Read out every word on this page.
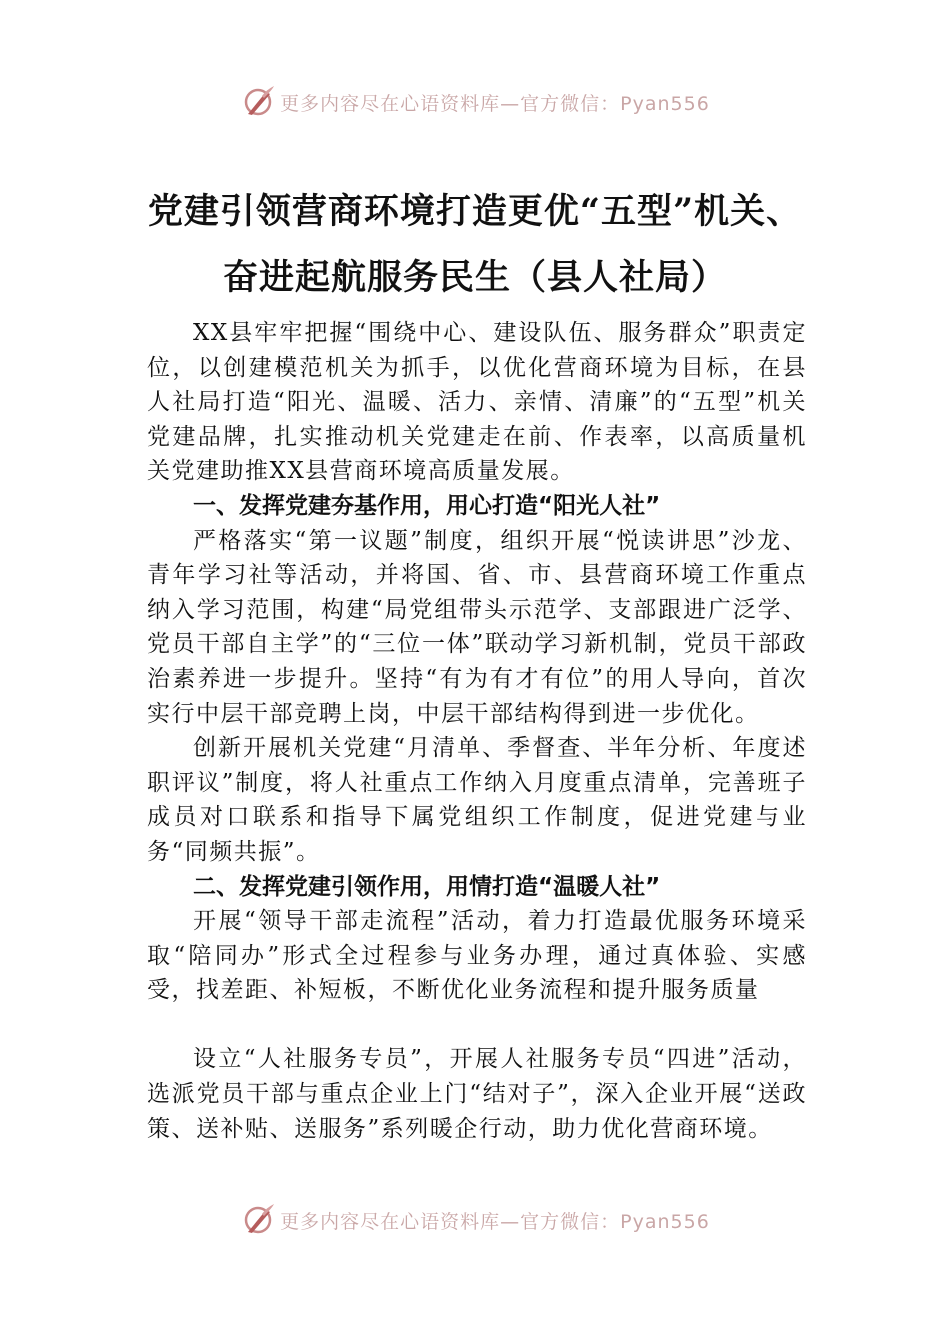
更多内容尽在心语资料库—官方微信：Pyan556
党建引领营商环境打造更优“五型”机关、
奋进起航服务民生（县人社局）

XX县牢牢把握“围绕中心、建设队伍、服务群众”职责定位，以创建模范机关为抓手，以优化营商环境为目标，在县人社局打造“阳光、温暖、活力、亲情、清廉”的“五型”机关党建品牌，扎实推动机关党建走在前、作表率，以高质量机关党建助推XX县营商环境高质量发展。

一、发挥党建夯基作用，用心打造“阳光人社”

严格落实“第一议题”制度，组织开展“悦读讲思”沙龙、青年学习社等活动，并将国、省、市、县营商环境工作重点纳入学习范围，构建“局党组带头示范学、支部跟进广泛学、党员干部自主学”的“三位一体”联动学习新机制，党员干部政治素养进一步提升。坚持“有为有才有位”的用人导向，首次实行中层干部竞聘上岗，中层干部结构得到进一步优化。

创新开展机关党建“月清单、季督查、半年分析、年度述职评议”制度，将人社重点工作纳入月度重点清单，完善班子成员对口联系和指导下属党组织工作制度，促进党建与业务“同频共振”。

二、发挥党建引领作用，用情打造“温暖人社”

开展“领导干部走流程”活动，着力打造最优服务环境采取“陪同办”形式全过程参与业务办理，通过真体验、实感受，找差距、补短板，不断优化业务流程和提升服务质量

设立“人社服务专员”，开展人社服务专员“四进”活动，选派党员干部与重点企业上门“结对子”，深入企业开展“送政策、送补贴、送服务”系列暖企行动，助力优化营商环境。

更多内容尽在心语资料库—官方微信：Pyan556
